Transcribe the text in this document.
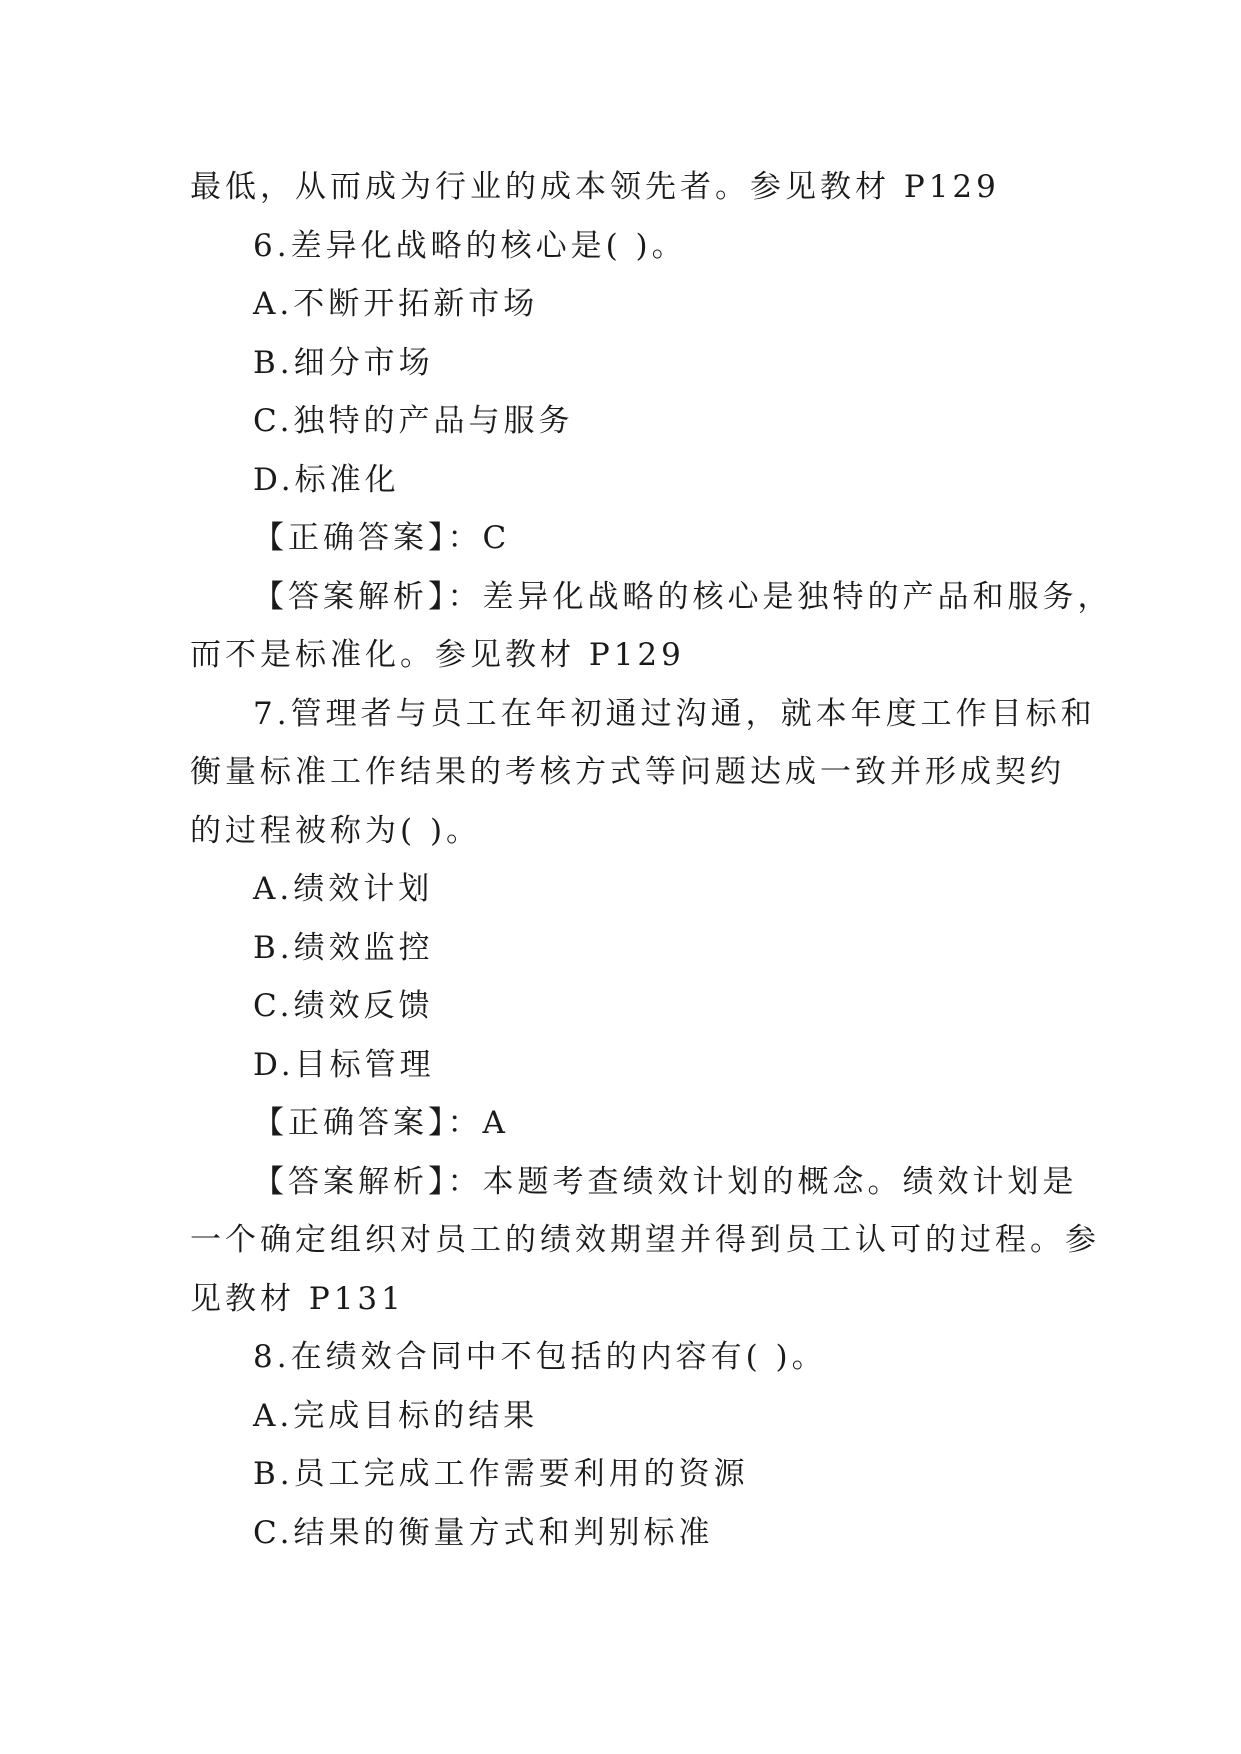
最低，从而成为行业的成本领先者。参见教材 P129
6.差异化战略的核心是( )。
A.不断开拓新市场
B.细分市场
C.独特的产品与服务
D.标准化
【正确答案】：C
【答案解析】：差异化战略的核心是独特的产品和服务，
而不是标准化。参见教材 P129
7.管理者与员工在年初通过沟通，就本年度工作目标和
衡量标准工作结果的考核方式等问题达成一致并形成契约
的过程被称为( )。
A.绩效计划
B.绩效监控
C.绩效反馈
D.目标管理
【正确答案】：A
【答案解析】：本题考查绩效计划的概念。绩效计划是
一个确定组织对员工的绩效期望并得到员工认可的过程。参
见教材 P131
8.在绩效合同中不包括的内容有( )。
A.完成目标的结果
B.员工完成工作需要利用的资源
C.结果的衡量方式和判别标准
